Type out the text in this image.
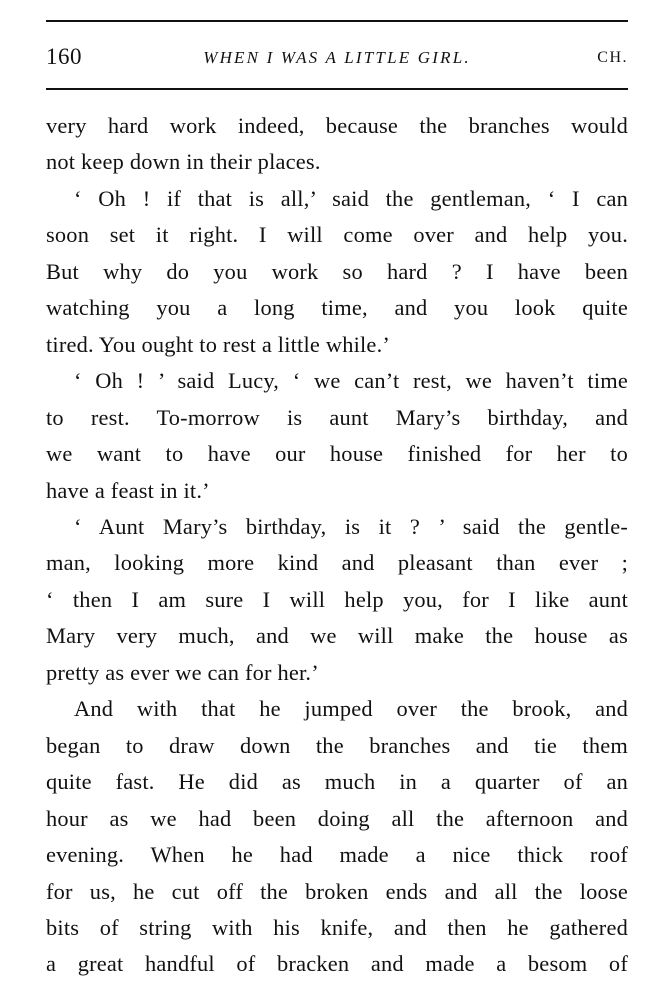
160	WHEN I WAS A LITTLE GIRL.	CH.
very hard work indeed, because the branches would
not keep down in their places.
‘ Oh ! if that is all,’ said the gentleman, ‘ I can
soon set it right. I will come over and help you.
But why do you work so hard ? I have been
watching you a long time, and you look quite
tired. You ought to rest a little while.’
‘ Oh ! ’ said Lucy, ‘ we can’t rest, we haven’t time
to rest. To-morrow is aunt Mary’s birthday, and
we want to have our house finished for her to
have a feast in it.’
‘ Aunt Mary’s birthday, is it ? ’ said the gentle-
man, looking more kind and pleasant than ever ;
‘ then I am sure I will help you, for I like aunt
Mary very much, and we will make the house as
pretty as ever we can for her.’
And with that he jumped over the brook, and
began to draw down the branches and tie them
quite fast. He did as much in a quarter of an
hour as we had been doing all the afternoon and
evening. When he had made a nice thick roof
for us, he cut off the broken ends and all the loose
bits of string with his knife, and then he gathered
a great handful of bracken and made a besom of
